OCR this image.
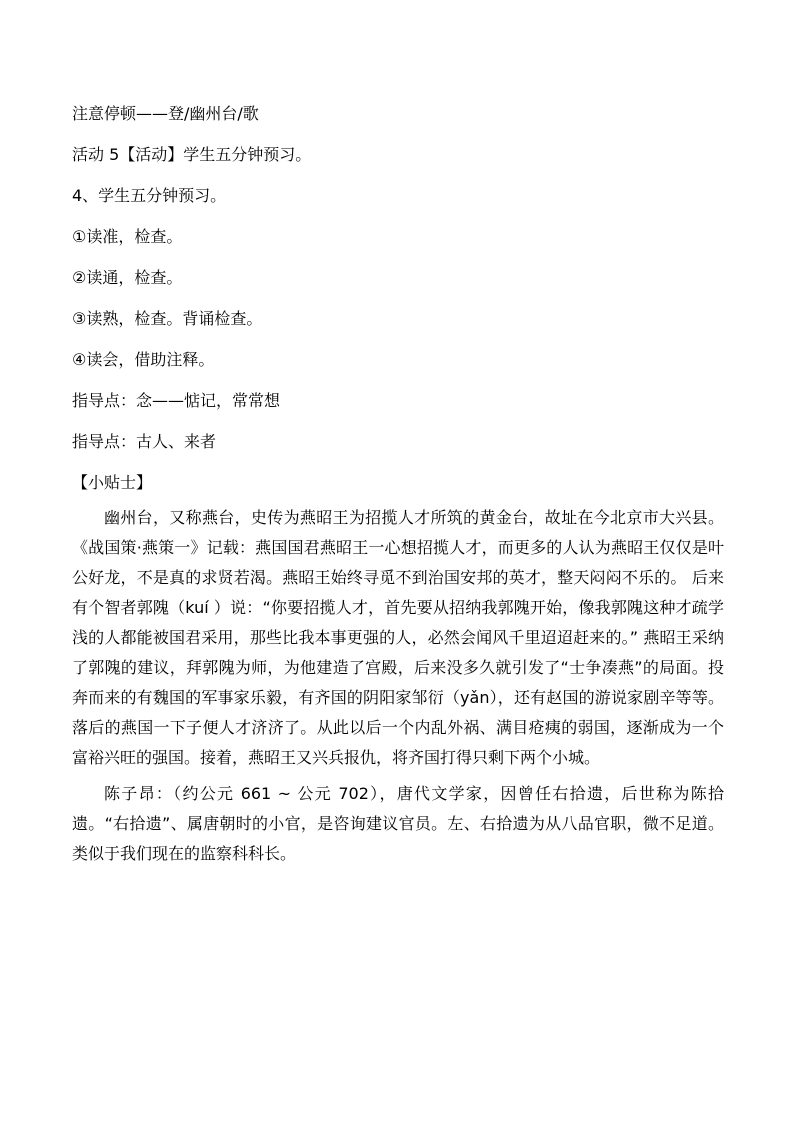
注意停顿——登/幽州台/歌
活动 5【活动】学生五分钟预习。
4、学生五分钟预习。
①读准，检查。
②读通，检查。
③读熟，检查。背诵检查。
④读会，借助注释。
指导点：念——惦记，常常想
指导点：古人、来者
【小贴士】

幽州台，又称燕台，史传为燕昭王为招揽人才所筑的黄金台，故址在今北京市大兴县。《战国策·燕策一》记载：燕国国君燕昭王一心想招揽人才，而更多的人认为燕昭王仅仅是叶公好龙，不是真的求贤若渴。燕昭王始终寻觅不到治国安邦的英才，整天闷闷不乐的。 后来有个智者郭隗（kuí ）说：“你要招揽人才，首先要从招纳我郭隗开始，像我郭隗这种才疏学浅的人都能被国君采用，那些比我本事更强的人，必然会闻风千里迢迢赶来的。” 燕昭王采纳了郭隗的建议，拜郭隗为师，为他建造了宫殿，后来没多久就引发了“士争凑燕”的局面。投奔而来的有魏国的军事家乐毅，有齐国的阴阳家邹衍（yǎn），还有赵国的游说家剧辛等等。落后的燕国一下子便人才济济了。从此以后一个内乱外祸、满目疮痍的弱国，逐渐成为一个富裕兴旺的强国。接着，燕昭王又兴兵报仇，将齐国打得只剩下两个小城。

陈子昂：（约公元 661 ~ 公元 702），唐代文学家，因曾任右拾遗，后世称为陈拾遗。“右拾遗”、属唐朝时的小官，是咨询建议官员。左、右拾遗为从八品官职，微不足道。类似于我们现在的监察科科长。
